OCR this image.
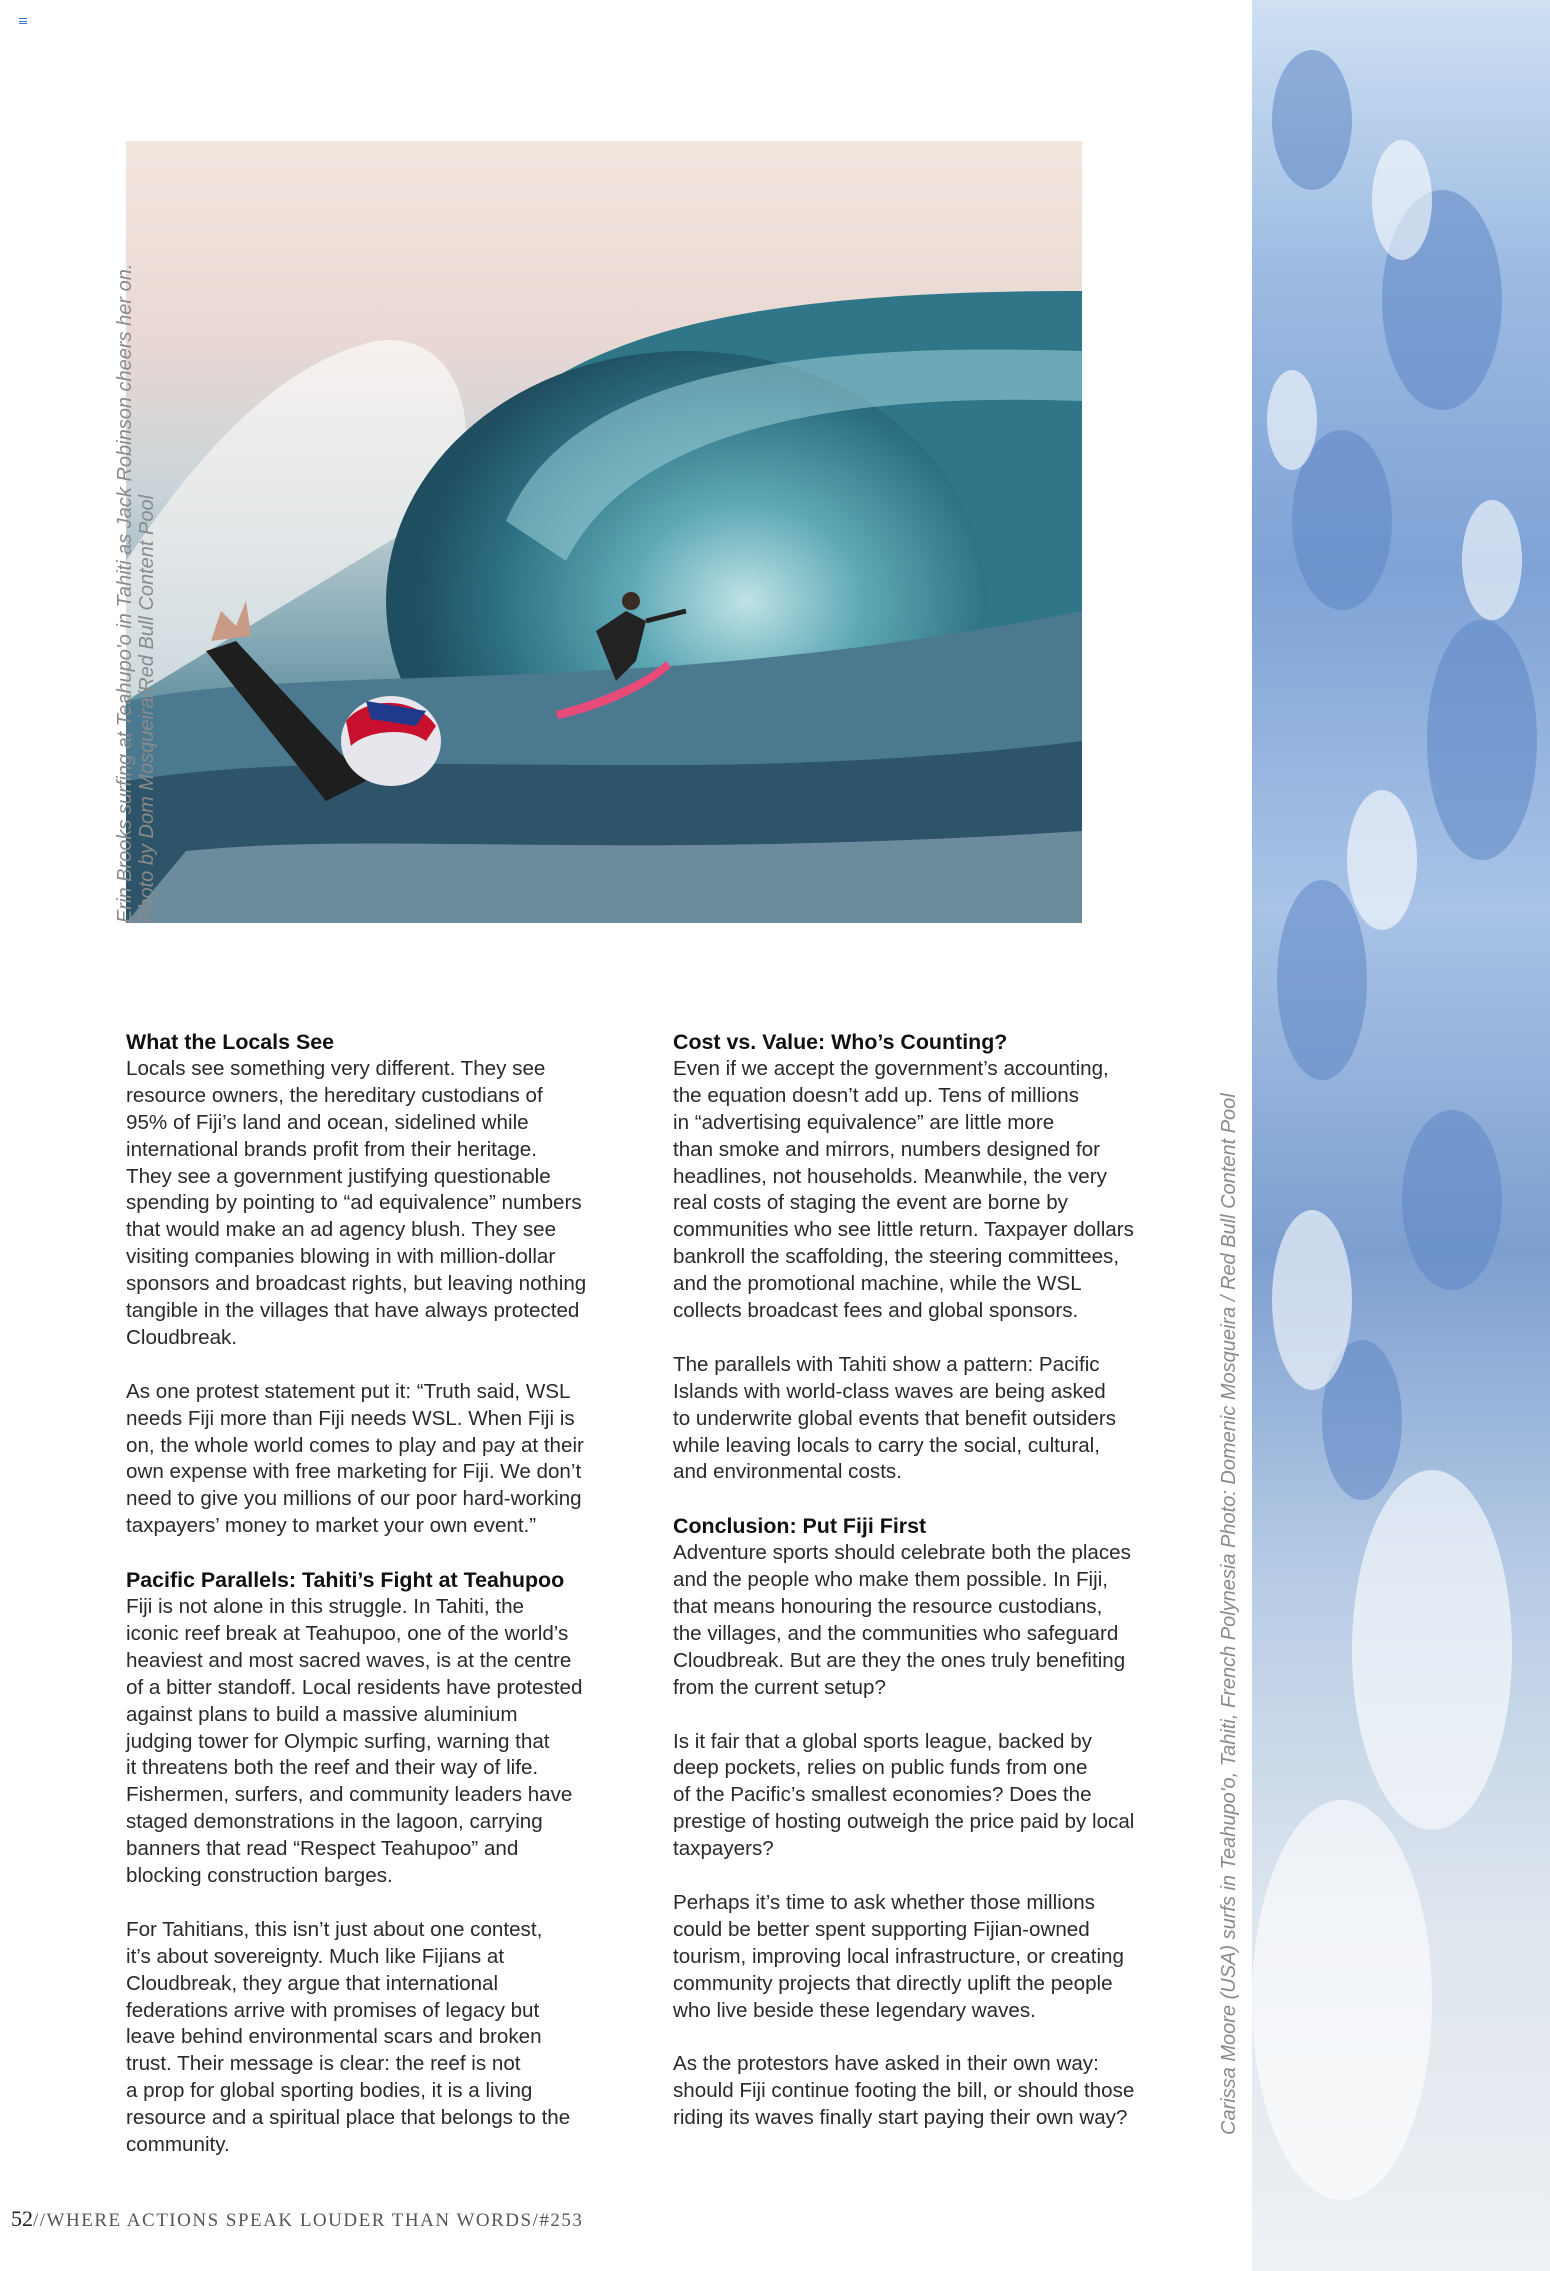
Erin Brooks surfing at Teahupo'o in Tahiti as Jack Robinson cheers her on. Photo by Dom Mosqueira/Red Bull Content Pool
Carissa Moore (USA) surfs in Teahupo'o, Tahiti, French Polynesia Photo: Domenic Mosqueira / Red Bull Content Pool
What the Locals See

Locals see something very different. They see
resource owners, the hereditary custodians of
95% of Fiji’s land and ocean, sidelined while
international brands profit from their heritage.
They see a government justifying questionable
spending by pointing to “ad equivalence” numbers
that would make an ad agency blush. They see
visiting companies blowing in with million-dollar
sponsors and broadcast rights, but leaving nothing
tangible in the villages that have always protected
Cloudbreak.

As one protest statement put it: “Truth said, WSL
needs Fiji more than Fiji needs WSL. When Fiji is
on, the whole world comes to play and pay at their
own expense with free marketing for Fiji. We don’t
need to give you millions of our poor hard-working
taxpayers’ money to market your own event.”

Pacific Parallels: Tahiti’s Fight at Teahupoo

Fiji is not alone in this struggle. In Tahiti, the
iconic reef break at Teahupoo, one of the world’s
heaviest and most sacred waves, is at the centre
of a bitter standoff. Local residents have protested
against plans to build a massive aluminium
judging tower for Olympic surfing, warning that
it threatens both the reef and their way of life.
Fishermen, surfers, and community leaders have
staged demonstrations in the lagoon, carrying
banners that read “Respect Teahupoo” and
blocking construction barges.

For Tahitians, this isn’t just about one contest,
it’s about sovereignty. Much like Fijians at
Cloudbreak, they argue that international
federations arrive with promises of legacy but
leave behind environmental scars and broken
trust. Their message is clear: the reef is not
a prop for global sporting bodies, it is a living
resource and a spiritual place that belongs to the
community.

Cost vs. Value: Who’s Counting?

Even if we accept the government’s accounting,
the equation doesn’t add up. Tens of millions
in “advertising equivalence” are little more
than smoke and mirrors, numbers designed for
headlines, not households. Meanwhile, the very
real costs of staging the event are borne by
communities who see little return. Taxpayer dollars
bankroll the scaffolding, the steering committees,
and the promotional machine, while the WSL
collects broadcast fees and global sponsors.

The parallels with Tahiti show a pattern: Pacific
Islands with world-class waves are being asked
to underwrite global events that benefit outsiders
while leaving locals to carry the social, cultural,
and environmental costs.

Conclusion: Put Fiji First

Adventure sports should celebrate both the places
and the people who make them possible. In Fiji,
that means honouring the resource custodians,
the villages, and the communities who safeguard
Cloudbreak. But are they the ones truly benefiting
from the current setup?

Is it fair that a global sports league, backed by
deep pockets, relies on public funds from one
of the Pacific’s smallest economies? Does the
prestige of hosting outweigh the price paid by local
taxpayers?

Perhaps it’s time to ask whether those millions
could be better spent supporting Fijian-owned
tourism, improving local infrastructure, or creating
community projects that directly uplift the people
who live beside these legendary waves.

As the protestors have asked in their own way:
should Fiji continue footing the bill, or should those
riding its waves finally start paying their own way?

52//WHERE ACTIONS SPEAK LOUDER THAN WORDS/#253
